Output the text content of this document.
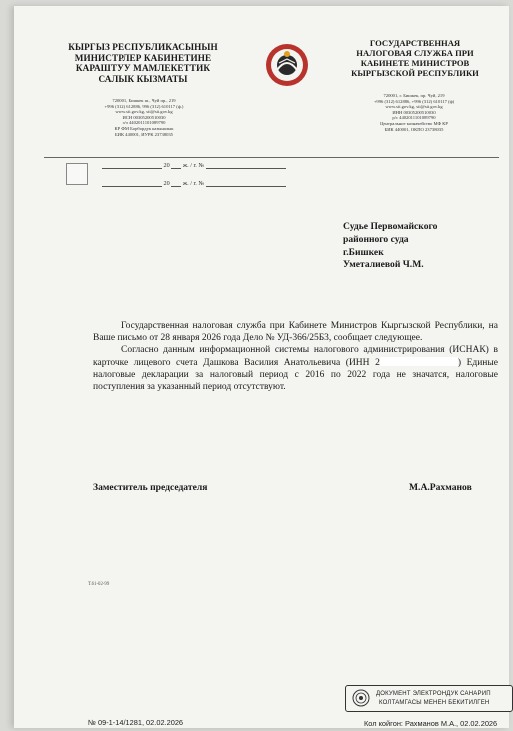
КЫРГЫЗ РЕСПУБЛИКАСЫНЫН
МИНИСТРЛЕР КАБИНЕТИНЕ
КАРАШТУУ МАМЛЕКЕТТИК
САЛЫК КЫЗМАТЫ
ГОСУДАРСТВЕННАЯ
НАЛОГОВАЯ СЛУЖБА ПРИ
КАБИНЕТЕ МИНИСТРОВ
КЫРГЫЗСКОЙ РЕСПУБЛИКИ
720001, Бишкек ш., Чуй пр., 219
+996 (312) 612886, 996 (312) 610117 (ф.)
www.sti.gov.kg, sti@sti.gov.kg
ИСН 00305200510030
э/э 4402011101089790
КР ФМ Борбордук казыналык
БИК 440001, ИУРК 23738035
720001, г. Бишкек, пр. Чуй, 219
+996 (312) 612886, +996 (312) 610117 (ф)
www.sti.gov.kg, sti@sti.gov.kg
ИНН 00305200510030
р/с 4402011101089790
Центральное казначейство МФ КР
БИК 440001, ОКПО 23738035
20 ж. / г. №
20 ж. / г. №
Судье Первомайского
районного суда
г.Бишкек
Уметалиевой Ч.М.

Государственная налоговая служба при Кабинете Министров Кыргызской Республики, на Ваше письмо от 28 января 2026 года Дело № УД-366/25Б3, сообщает следующее.

Согласно данным информационной системы налогового администрирования (ИСНАК) в карточке лицевого счета Дашкова Василия Анатольевича (ИНН 2	) Единые налоговые декларации за налоговый период с 2016 по 2022 года не значатся, налоговые поступления за указанный период отсутствуют.

Заместитель председателя	М.А.Рахманов
Т.61-02-99
ДОКУМЕНТ ЭЛЕКТРОНДУК САНАРИП
КОЛТАМГАСЫ МЕНЕН БЕКИТИЛГЕН
№ 09-1-14/1281, 02.02.2026	Кол койгон: Рахманов М.А., 02.02.2026
